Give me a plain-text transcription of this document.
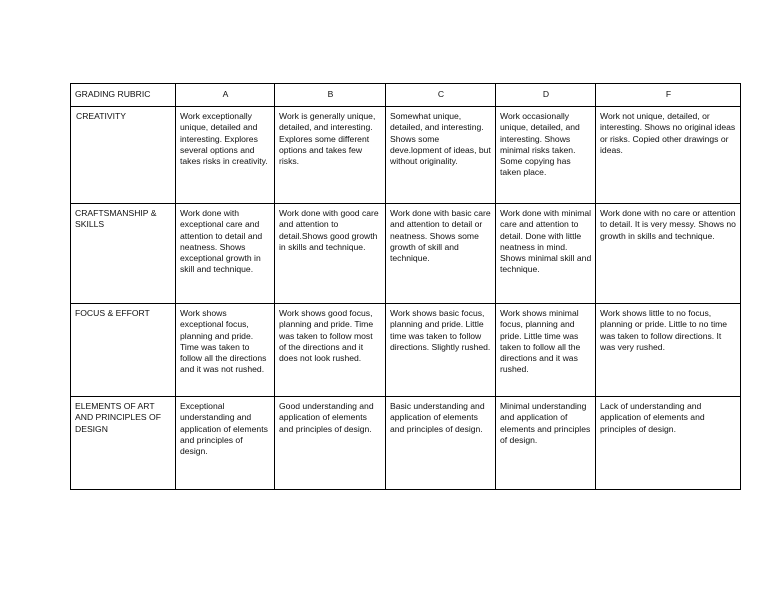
GRADING RUBRIC	A	B	C	D	F
CREATIVITY	Work exceptionally unique, detailed and interesting. Explores several options and takes risks in creativity.	Work is generally unique, detailed, and interesting. Explores some different options and takes few risks.	Somewhat unique, detailed, and interesting. Shows some deve.lopment of ideas, but without originality.	Work occasionally unique, detailed, and interesting. Shows minimal risks taken. Some copying has taken place.	Work not unique, detailed, or interesting. Shows no original ideas or risks. Copied other drawings or ideas.
CRAFTSMANSHIP & SKILLS	Work done with exceptional care and attention to detail and neatness. Shows exceptional growth in skill and technique.	Work done with good care and attention to detail.Shows good growth in skills and technique.	Work done with basic care and attention to detail or neatness. Shows some growth of skill and technique.	Work done with minimal care and attention to detail. Done with little neatness in mind. Shows minimal skill and technique.	Work done with no care or attention to detail. It is very messy. Shows no growth in skills and technique.
FOCUS & EFFORT	Work shows exceptional focus, planning and pride. Time was taken to follow all the directions and it was not rushed.	Work shows good focus, planning and pride. Time was taken to follow most of the directions and it does not look rushed.	Work shows basic focus, planning and pride. Little time was taken to follow directions. Slightly rushed.	Work shows minimal focus, planning and pride. Little time was taken to follow all the directions and it was rushed.	Work shows little to no focus, planning or pride. Little to no time was taken to follow directions. It was very rushed.
ELEMENTS OF ART AND PRINCIPLES OF DESIGN	Exceptional understanding and application of elements and principles of design.	Good understanding and application of elements and principles of design.	Basic understanding and application of elements and principles of design.	Minimal understanding and application of elements and principles of design.	Lack of understanding and application of elements and principles of design.
